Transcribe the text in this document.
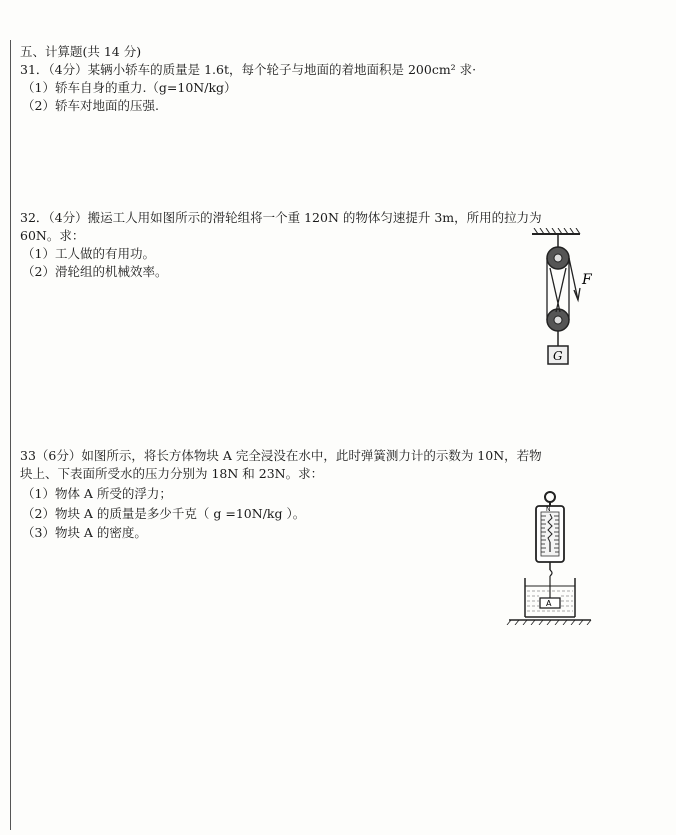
五、计算题(共 14 分)
31．（4分）某辆小轿车的质量是 1.6t，每个轮子与地面的着地面积是 200cm² 求·
（1）轿车自身的重力.（g=10N/kg）
（2）轿车对地面的压强.
32．（4分）搬运工人用如图所示的滑轮组将一个重 120N 的物体匀速提升 3m，所用的拉力为
60N。求：
（1）工人做的有用功。
（2）滑轮组的机械效率。
F
G
33（6分）如图所示，将长方体物块 A 完全浸没在水中，此时弹簧测力计的示数为 10N，若物
块上、下表面所受水的压力分别为 18N 和 23N。求：
（1）物体 A 所受的浮力；
（2）物块 A 的质量是多少千克（ g =10N/kg ）。
（3）物块 A 的密度。
N
A
